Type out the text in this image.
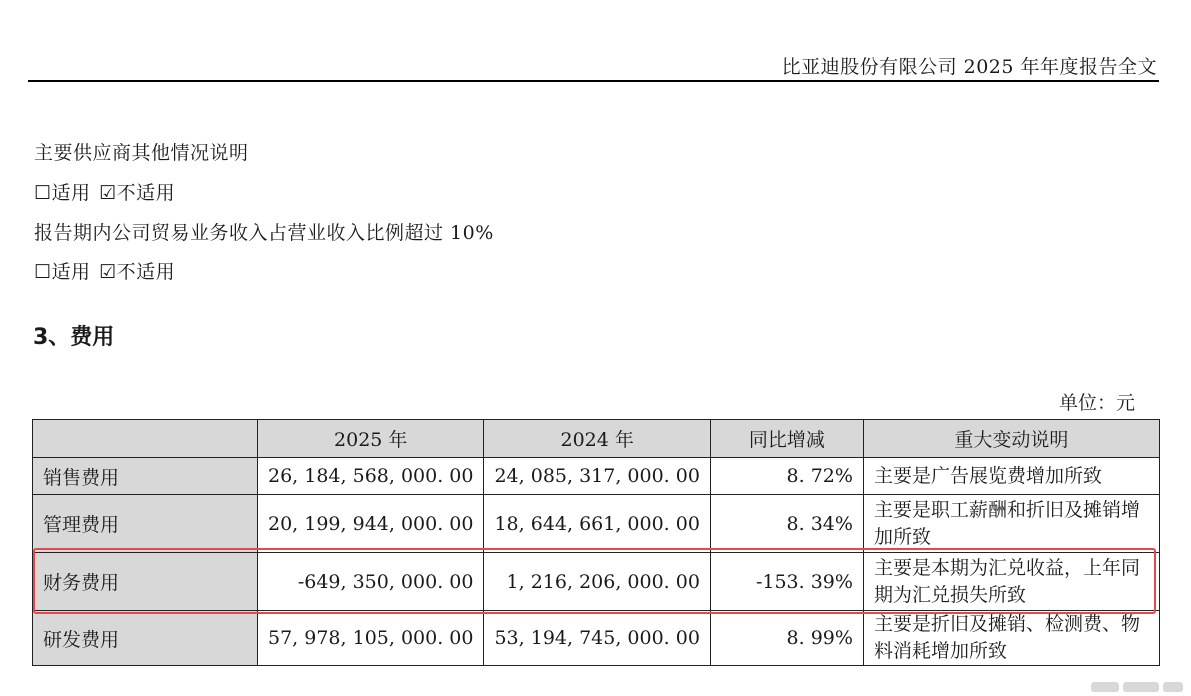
比亚迪股份有限公司 2025 年年度报告全文
主要供应商其他情况说明
☐适用 ☑不适用
报告期内公司贸易业务收入占营业收入比例超过 10%
☐适用 ☑不适用
3、费用
单位：元
	2025 年	2024 年	同比增减	重大变动说明
销售费用	26, 184, 568, 000. 00	24, 085, 317, 000. 00	8. 72%	主要是广告展览费增加所致
管理费用	20, 199, 944, 000. 00	18, 644, 661, 000. 00	8. 34%	主要是职工薪酬和折旧及摊销增加所致
财务费用	-649, 350, 000. 00	1, 216, 206, 000. 00	-153. 39%	主要是本期为汇兑收益，上年同期为汇兑损失所致
研发费用	57, 978, 105, 000. 00	53, 194, 745, 000. 00	8. 99%	主要是折旧及摊销、检测费、物料消耗增加所致
